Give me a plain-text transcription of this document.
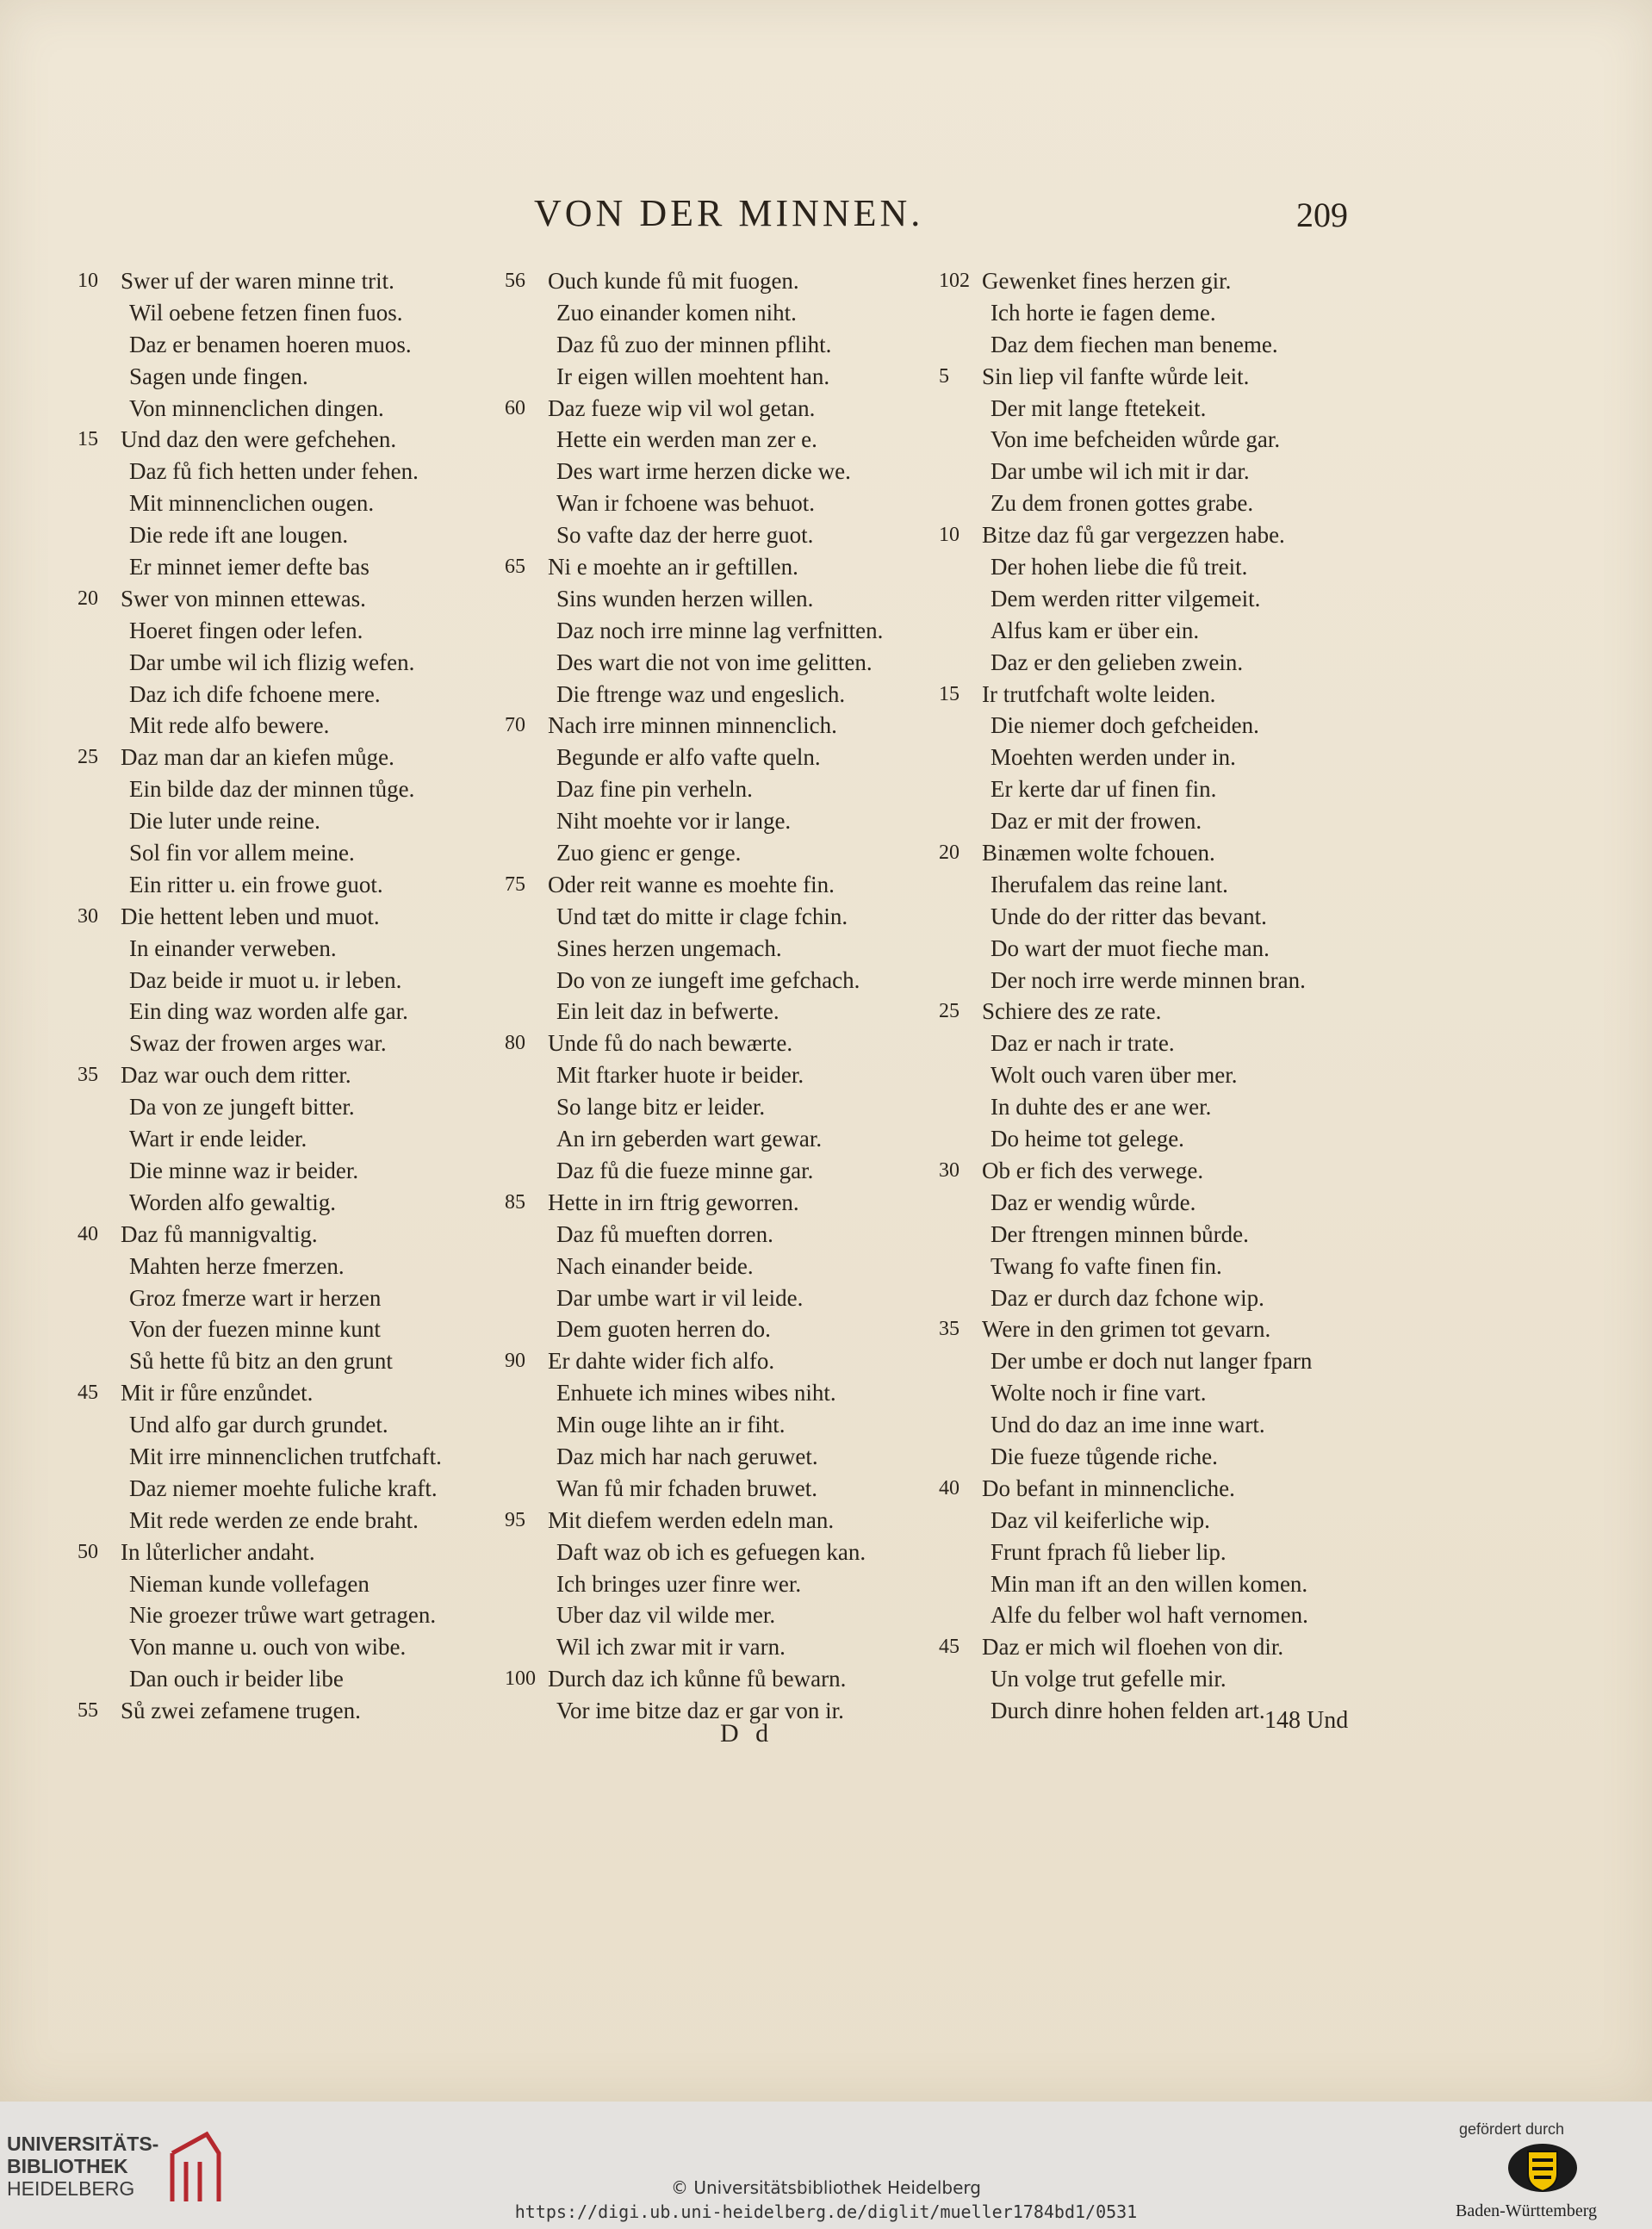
VON DER MINNEN.	209
10 Swer uf der waren minne trit.
Wil oebene fetzen finen fuos.
Daz er benamen hoeren muos.
Sagen unde fingen.
Von minnenclichen dingen.
15 Und daz den were gefchehen.
Daz fů fich hetten under fehen.
Mit minnenclichen ougen.
Die rede ift ane lougen.
Er minnet iemer defte bas
20 Swer von minnen ettewas.
Hoeret fingen oder lefen.
Dar umbe wil ich flizig wefen.
Daz ich dife fchoene mere.
Mit rede alfo bewere.
25 Daz man dar an kiefen můge.
Ein bilde daz der minnen tůge.
Die luter unde reine.
Sol fin vor allem meine.
Ein ritter u. ein frowe guot.
30 Die hettent leben und muot.
In einander verweben.
Daz beide ir muot u. ir leben.
Ein ding waz worden alfe gar.
Swaz der frowen arges war.
35 Daz war ouch dem ritter.
Da von ze jungeft bitter.
Wart ir ende leider.
Die minne waz ir beider.
Worden alfo gewaltig.
40 Daz fů mannigvaltig.
Mahten herze fmerzen.
Groz fmerze wart ir herzen
Von der fuezen minne kunt
Sů hette fů bitz an den grunt
45 Mit ir fůre enzůndet.
Und alfo gar durch grundet.
Mit irre minnenclichen trutfchaft.
Daz niemer moehte fuliche kraft.
Mit rede werden ze ende braht.
50 In lůterlicher andaht.
Nieman kunde vollefagen
Nie groezer trůwe wart getragen.
Von manne u. ouch von wibe.
Dan ouch ir beider libe
55 Sů zwei zefamene trugen.
56 Ouch kunde fů mit fuogen.
Zuo einander komen niht.
Daz fů zuo der minnen pfliht.
Ir eigen willen moehtent han.
60 Daz fueze wip vil wol getan.
Hette ein werden man zer e.
Des wart irme herzen dicke we.
Wan ir fchoene was behuot.
So vafte daz der herre guot.
65 Ni e moehte an ir geftillen.
Sins wunden herzen willen.
Daz noch irre minne lag verfnitten.
Des wart die not von ime gelitten.
Die ftrenge waz und engeslich.
70 Nach irre minnen minnenclich.
Begunde er alfo vafte queln.
Daz fine pin verheln.
Niht moehte vor ir lange.
Zuo gienc er genge.
75 Oder reit wanne es moehte fin.
Und tæt do mitte ir clage fchin.
Sines herzen ungemach.
Do von ze iungeft ime gefchach.
Ein leit daz in befwerte.
80 Unde fů do nach bewærte.
Mit ftarker huote ir beider.
So lange bitz er leider.
An irn geberden wart gewar.
Daz fů die fueze minne gar.
85 Hette in irn ftrig geworren.
Daz fů mueften dorren.
Nach einander beide.
Dar umbe wart ir vil leide.
Dem guoten herren do.
90 Er dahte wider fich alfo.
Enhuete ich mines wibes niht.
Min ouge lihte an ir fiht.
Daz mich har nach geruwet.
Wan fů mir fchaden bruwet.
95 Mit diefem werden edeln man.
Daft waz ob ich es gefuegen kan.
Ich bringes uzer finre wer.
Uber daz vil wilde mer.
Wil ich zwar mit ir varn.
100 Durch daz ich kůnne fů bewarn.
Vor ime bitze daz er gar von ir.
102 Gewenket fines herzen gir.
Ich horte ie fagen deme.
Daz dem fiechen man beneme.
5	Sin liep vil fanfte wůrde leit.
Der mit lange ftetekeit.
Von ime befcheiden wůrde gar.
Dar umbe wil ich mit ir dar.
Zu dem fronen gottes grabe.
10 Bitze daz fů gar vergezzen habe.
Der hohen liebe die fů treit.
Dem werden ritter vilgemeit.
Alfus kam er über ein.
Daz er den gelieben zwein.
15 Ir trutfchaft wolte leiden.
Die niemer doch gefcheiden.
Moehten werden under in.
Er kerte dar uf finen fin.
Daz er mit der frowen.
20 Binæmen wolte fchouen.
Iherufalem das reine lant.
Unde do der ritter das bevant.
Do wart der muot fieche man.
Der noch irre werde minnen bran.
25 Schiere des ze rate.
Daz er nach ir trate.
Wolt ouch varen über mer.
In duhte des er ane wer.
Do heime tot gelege.
30 Ob er fich des verwege.
Daz er wendig wůrde.
Der ftrengen minnen bůrde.
Twang fo vafte finen fin.
Daz er durch daz fchone wip.
35 Were in den grimen tot gevarn.
Der umbe er doch nut langer fparn
Wolte noch ir fine vart.
Und do daz an ime inne wart.
Die fueze tůgende riche.
40 Do befant in minnencliche.
Daz vil keiferliche wip.
Frunt fprach fů lieber lip.
Min man ift an den willen komen.
Alfe du felber wol haft vernomen.
45 Daz er mich wil floehen von dir.
Un volge trut gefelle mir.
Durch dinre hohen felden art.
D d	148 Und
UNIVERSITÄTS-
BIBLIOTHEK
HEIDELBERG	© Universitätsbibliothek Heidelberg
https://digi.ub.uni-heidelberg.de/diglit/mueller1784bd1/0531
gefördert durch
Baden-Württemberg
